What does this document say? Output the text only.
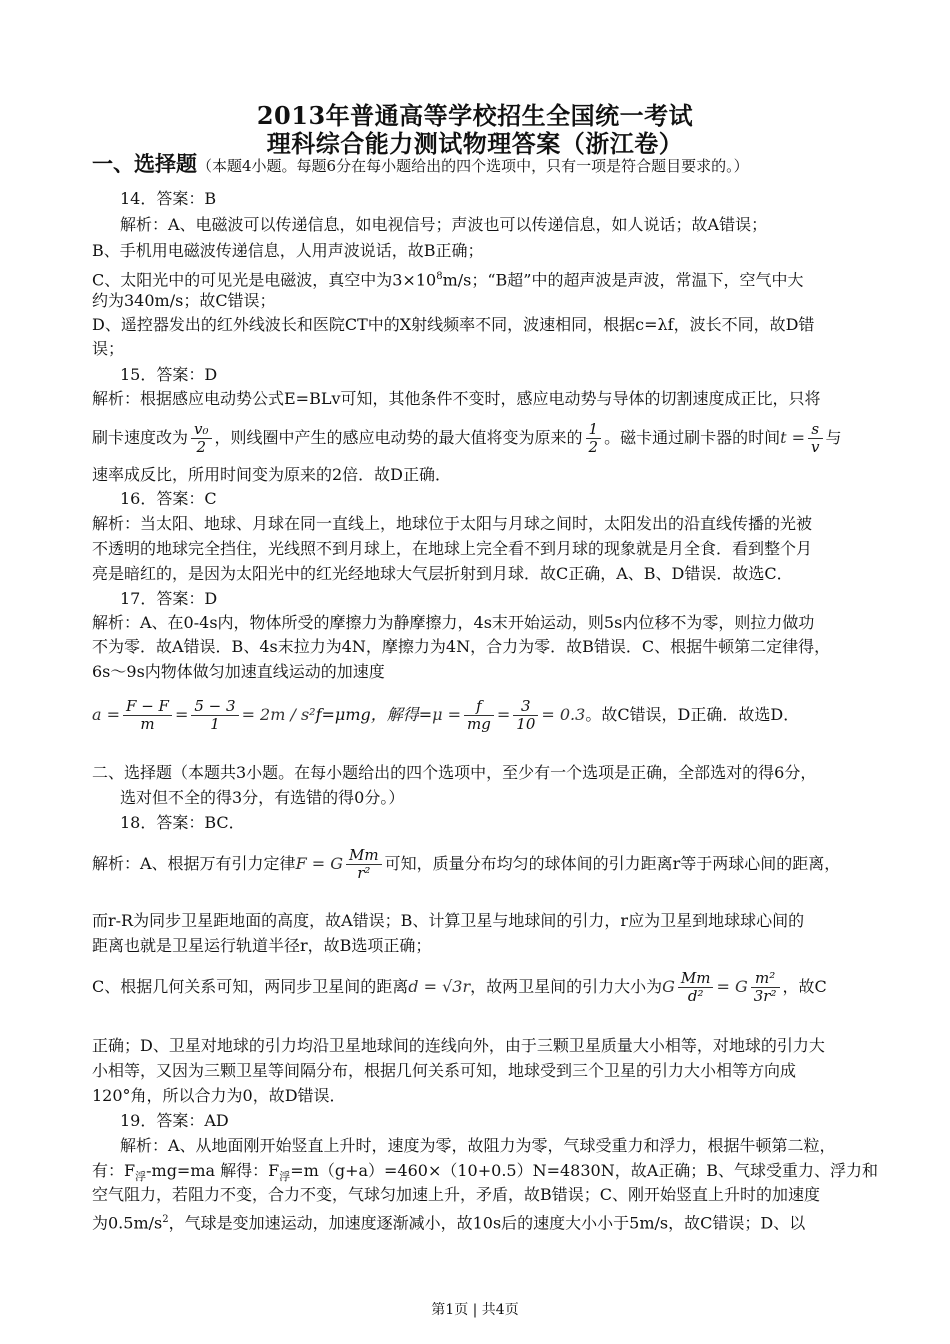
2013年普通高等学校招生全国统一考试
理科综合能力测试物理答案（浙江卷）
一、选择题（本题4小题。每题6分在每小题给出的四个选项中，只有一项是符合题目要求的。）
14．答案：B
解析：A、电磁波可以传递信息，如电视信号；声波也可以传递信息，如人说话；故A错误；
B、手机用电磁波传递信息，人用声波说话，故B正确；
C、太阳光中的可见光是电磁波，真空中为$3\times 10^8m/s$；“B超”中的超声波是声波，常温下，空气中大
约为340m/s；故C错误；
D、遥控器发出的红外线波长和医院CT中的X射线频率不同，波速相同，根据c=λf，波长不同，故D错
误；
15．答案：D
解析：根据感应电动势公式E=BLv可知，其他条件不变时，感应电动势与导体的切割速度成正比，只将
刷卡速度改为 $\frac{\text{v₀}}{2}$ ，则线圈中产生的感应电动势的最大值将变为原来的 $\frac{1}{2}$ 。磁卡通过刷卡器的时间$t = \frac{s}{v}$ 与
速率成反比，所用时间变为原来的2倍．故D正确．
16．答案：C
解析：当太阳、地球、月球在同一直线上，地球位于太阳与月球之间时，太阳发出的沿直线传播的光被
不透明的地球完全挡住，光线照不到月球上，在地球上完全看不到月球的现象就是月全食．看到整个月
亮是暗红的，是因为太阳光中的红光经地球大气层折射到月球．故C正确，A、B、D错误．故选C．
17．答案：D
解析：A、在0-4s内，物体所受的摩擦力为静摩擦力，4s末开始运动，则5s内位移不为零，则拉力做功
不为零．故A错误．B、4s末拉力为4N，摩擦力为4N，合力为零．故B错误．C、根据牛顿第二定律得，
6s～9s内物体做匀加速直线运动的加速度
$a = \frac{F - F}{m} = \frac{5 - 3}{1} = 2m / s^2f=\mu mg$，解得$=\mu = \frac{f}{mg} = \frac{3}{10} = 0.3$。故C错误，D正确．故选D．
二、选择题（本题共3小题。在每小题给出的四个选项中，至少有一个选项是正确，全部选对的得6分，
选对但不全的得3分，有选错的得0分。）
18．答案：BC．
解析：A、根据万有引力定律F = G $\frac{Mm}{\text{r²}}$ 可知，质量分布均匀的球体间的引力距离r等于两球心间的距离，
而r-R为同步卫星距地面的高度，故A错误；B、计算卫星与地球间的引力，r应为卫星到地球球心间的
距离也就是卫星运行轨道半径r，故B选项正确；
C、根据几何关系可知，两同步卫星间的距离d = √3r，故两卫星间的引力大小为G $\frac{Mm}{\text{d²}} = G \frac{\text{m²}}{\text{3r²}}$ ，故C
正确；D、卫星对地球的引力均沿卫星地球间的连线向外，由于三颗卫星质量大小相等，对地球的引力大
小相等，又因为三颗卫星等间隔分布，根据几何关系可知，地球受到三个卫星的引力大小相等方向成
120°角，所以合力为0，故D错误．
19．答案：AD
解析：A、从地面刚开始竖直上升时，速度为零，故阻力为零，气球受重力和浮力，根据牛顿第二粒，
有：$F_浮-mg=ma$ 解得：$F_浮=m(g+a)=460\times(10+0.5)N=4830N$，故A正确；B、气球受重力、浮力和
空气阻力，若阻力不变，合力不变，气球匀加速上升，矛盾，故B错误；C、刚开始竖直上升时的加速度
为$0.5m/s^2$，气球是变加速运动，加速度逐渐减小，故10s后的速度大小小于5m/s，故C错误；D、以
第1页 | 共4页
